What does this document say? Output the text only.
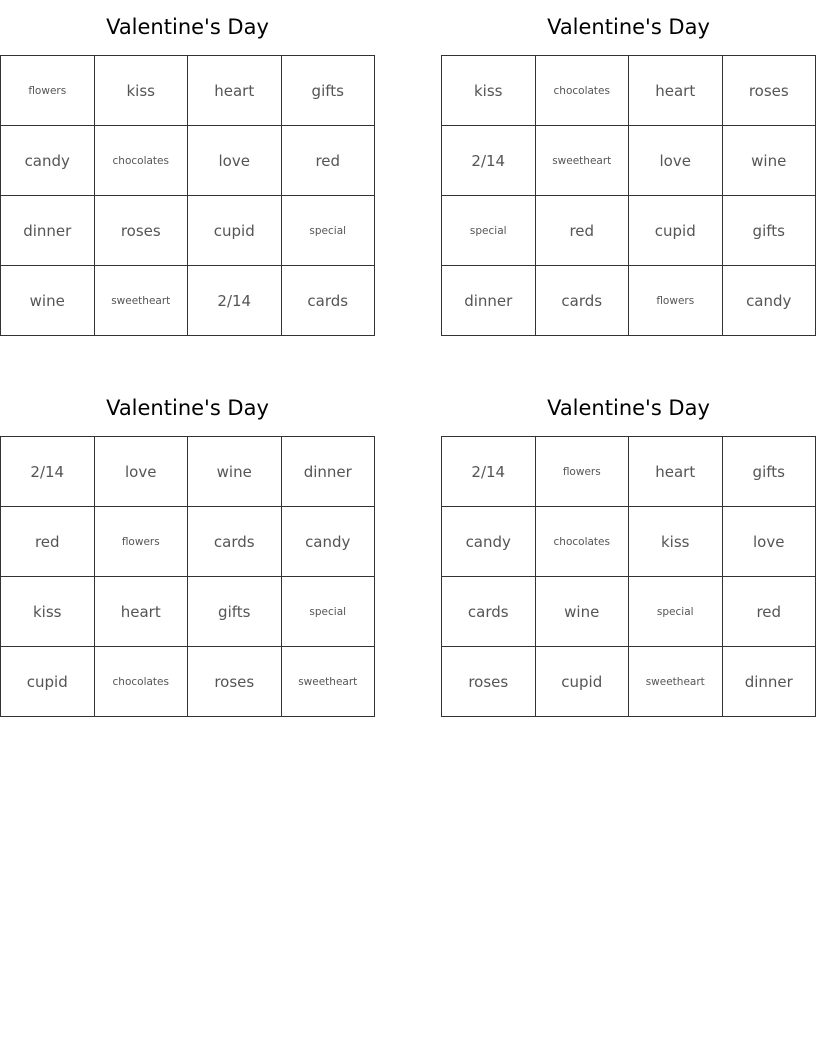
Valentine's Day
flowers	kiss	heart	gifts
candy	chocolates	love	red
dinner	roses	cupid	special
wine	sweetheart	2/14	cards
Valentine's Day
kiss	chocolates	heart	roses
2/14	sweetheart	love	wine
special	red	cupid	gifts
dinner	cards	flowers	candy
Valentine's Day
2/14	love	wine	dinner
red	flowers	cards	candy
kiss	heart	gifts	special
cupid	chocolates	roses	sweetheart
Valentine's Day
2/14	flowers	heart	gifts
candy	chocolates	kiss	love
cards	wine	special	red
roses	cupid	sweetheart	dinner
